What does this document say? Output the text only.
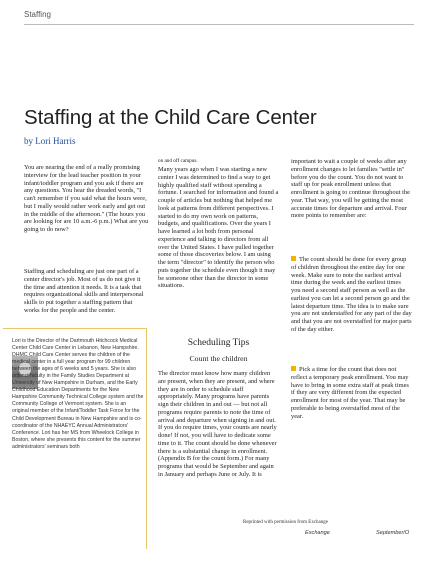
Staffing
Staffing at the Child Care Center
by Lori Harris
You are nearing the end of a really promising interview for the lead teacher position in your infant/toddler program and you ask if there are any questions. You hear the dreaded words, "I can't remember if you said what the hours were, but I really would rather work early and get out in the middle of the afternoon." (The hours you are looking for are 10 a.m.-6 p.m.) What are you going to do now?
Staffing and scheduling are just one part of a center director's job. Most of us do not give it the time and attention it needs. It is a task that requires organizational skills and interpersonal skills to put together a staffing pattern that works for the people and the center.
Lori is the Director of the Dartmouth Hitchcock Medical Center Child Care Center in Lebanon, New Hampshire. DHMC Child Care Center serves the children of the medical center in a full year program for 99 children between the ages of 6 weeks and 5 years. She is also adjunct faculty in the Family Studies Department at University of New Hampshire in Durham, and the Early Childhood Education Departments for the New Hampshire Community Technical College system and the Community College of Vermont system. She is an original member of the Infant/Toddler Task Force for the Child Development Bureau in New Hampshire and is co-coordinator of the NHAEYC Annual Administrators' Conference. Lori has her MS from Wheelock College in Boston, where she presents this content for the summer administrators' seminars both
on and off campus.
Many years ago when I was starting a new center I was determined to find a way to get highly qualified staff without spending a fortune. I searched for information and found a couple of articles but nothing that helped me look at patterns from different perspectives. I started to do my own work on patterns, budgets, and qualifications. Over the years I have learned a lot both from personal experience and talking to directors from all over the United States. I have pulled together some of those discoveries below. I am using the term "director" to identify the person who puts together the schedule even though it may be someone other than the director in some situations.
Scheduling Tips
Count the children
The director must know how many children are present, when they are present, and where they are in order to schedule staff appropriately. Many programs have parents sign their children in and out — but not all programs require parents to note the time of arrival and departure when signing in and out. If you do require times, your counts are nearly done! If not, you will have to dedicate some time to it. The count should be done whenever there is a substantial change in enrollment. (Appendix B for the count form.) For many programs that would be September and again in January and perhaps June or July. It is
important to wait a couple of weeks after any enrollment changes to let families "settle in" before you do the count. You do not want to staff up for peak enrollment unless that enrollment is going to continue throughout the year. That way, you will be getting the most accurate times for departure and arrival. Four more points to remember are:
The count should be done for every group of children throughout the entire day for one week. Make sure to note the earliest arrival time during the week and the earliest times you need a second staff person as well as the earliest you can let a second person go and the latest departure time. The idea is to make sure you are not understaffed for any part of the day and that you are not overstaffed for major parts of the day either.
Pick a time for the count that does not reflect a temporary peak enrollment. You may have to bring in some extra staff at peak times if they are very different from the expected enrollment for most of the year. That may be preferable to being overstaffed most of the year.
Reprinted with permission from Exchange
Exchange	September/O
